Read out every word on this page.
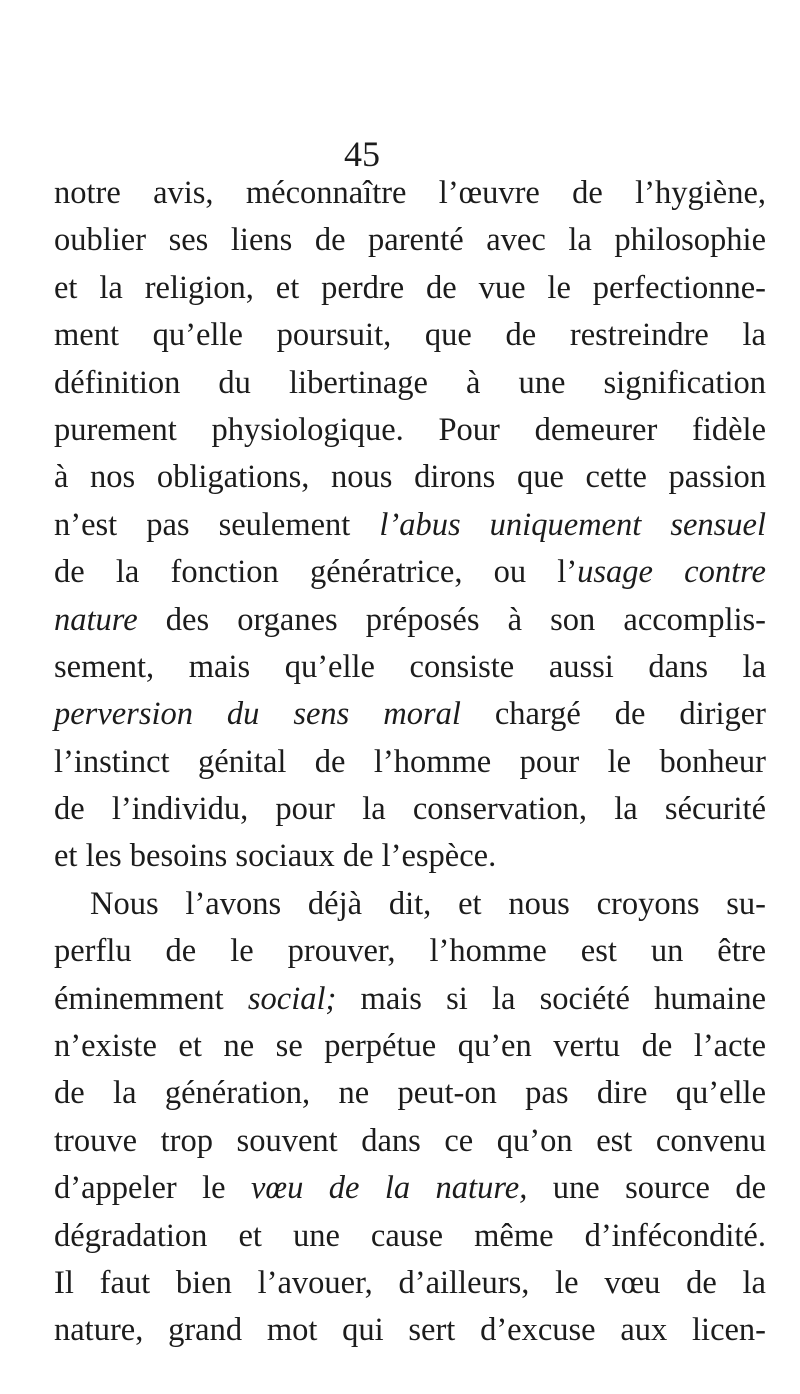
45
notre avis, méconnaître l’œuvre de l’hygiène,
oublier ses liens de parenté avec la philosophie
et la religion, et perdre de vue le perfectionne-
ment qu’elle poursuit, que de restreindre la
définition du libertinage à une signification
purement physiologique. Pour demeurer fidèle
à nos obligations, nous dirons que cette passion
n’est pas seulement l’abus uniquement sensuel
de la fonction génératrice, ou l’usage contre
nature des organes préposés à son accomplis-
sement, mais qu’elle consiste aussi dans la
perversion du sens moral chargé de diriger
l’instinct génital de l’homme pour le bonheur
de l’individu, pour la conservation, la sécurité
et les besoins sociaux de l’espèce.
Nous l’avons déjà dit, et nous croyons su-
perflu de le prouver, l’homme est un être
éminemment social; mais si la société humaine
n’existe et ne se perpétue qu’en vertu de l’acte
de la génération, ne peut-on pas dire qu’elle
trouve trop souvent dans ce qu’on est convenu
d’appeler le vœu de la nature, une source de
dégradation et une cause même d’infécondité.
Il faut bien l’avouer, d’ailleurs, le vœu de la
nature, grand mot qui sert d’excuse aux licen-
